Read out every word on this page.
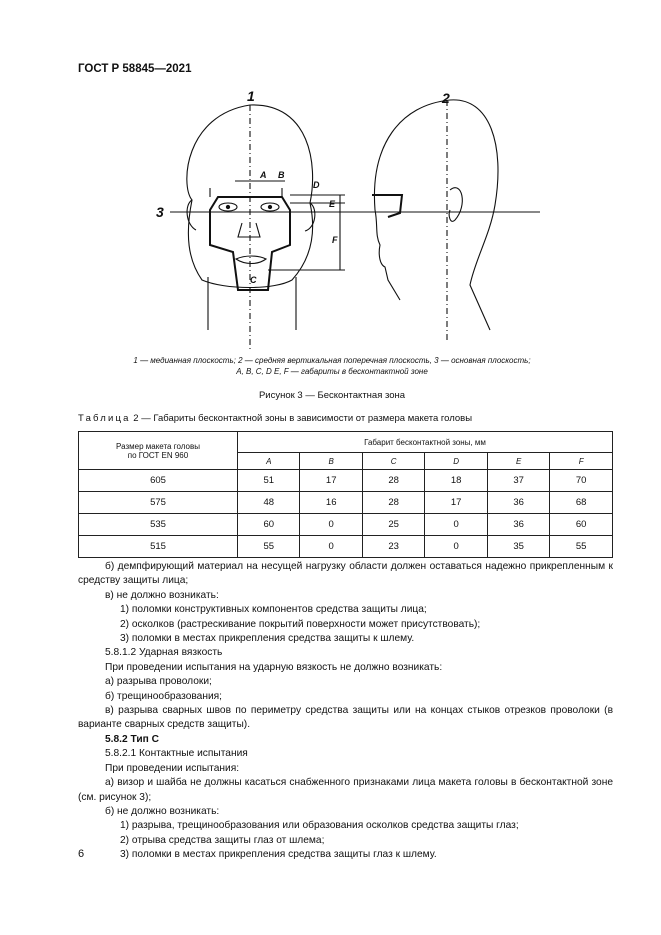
ГОСТ Р 58845—2021
1	2
3
A B
C
D
E
F
1 — медианная плоскость; 2 — средняя вертикальная поперечная плоскость, 3 — основная плоскость;
A, B, C, D E, F — габариты в бесконтактной зоне
Рисунок 3 — Бесконтактная зона
Таблица 2 — Габариты бесконтактной зоны в зависимости от размера макета головы
Размер макета головы
по ГОСТ EN 960	Габарит бесконтактной зоны, мм					
	A	B	C	D	E	F
605	51	17	28	18	37	70
575	48	16	28	17	36	68
535	60	0	25	0	36	60
515	55	0	23	0	35	55

б) демпфирующий материал на несущей нагрузку области должен оставаться надежно прикрепленным к средству защиты лица;

в) не должно возникать:

1) поломки конструктивных компонентов средства защиты лица;

2) осколков (растрескивание покрытий поверхности может присутствовать);

3) поломки в местах прикрепления средства защиты к шлему.

5.8.1.2 Ударная вязкость

При проведении испытания на ударную вязкость не должно возникать:

а) разрыва проволоки;

б) трещинообразования;

в) разрыва сварных швов по периметру средства защиты или на концах стыков отрезков проволоки (в варианте сварных средств защиты).

5.8.2 Тип С

5.8.2.1 Контактные испытания

При проведении испытания:

а) визор и шайба не должны касаться снабженного признаками лица макета головы в бесконтактной зоне (см. рисунок 3);

б) не должно возникать:

1) разрыва, трещинообразования или образования осколков средства защиты глаз;

2) отрыва средства защиты глаз от шлема;

3) поломки в местах прикрепления средства защиты глаз к шлему.

6
